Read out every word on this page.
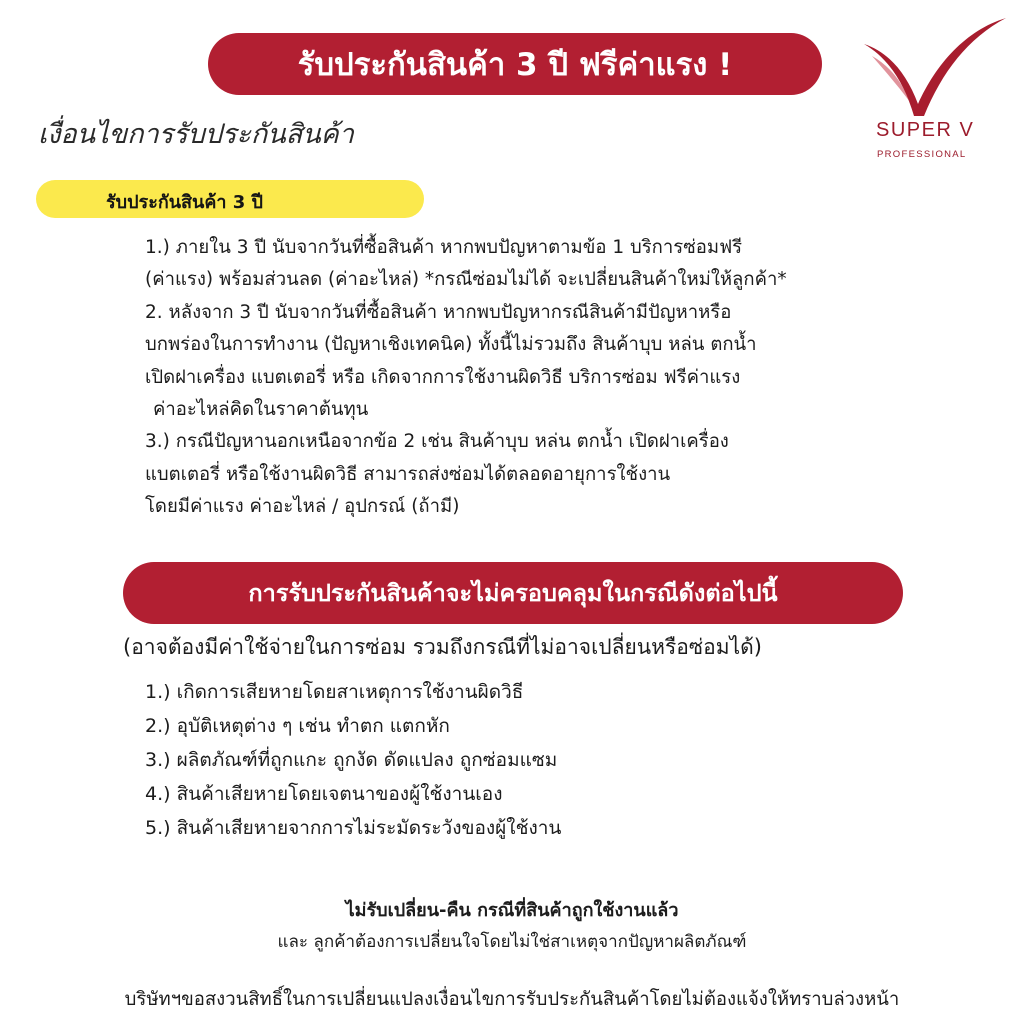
รับประกันสินค้า 3 ปี ฟรีค่าแรง !
เงื่อนไขการรับประกันสินค้า	SUPER V
PROFESSIONAL
รับประกันสินค้า 3 ปี
1.) ภายใน 3 ปี นับจากวันที่ซื้อสินค้า หากพบปัญหาตามข้อ 1 บริการซ่อมฟรี
(ค่าแรง) พร้อมส่วนลด (ค่าอะไหล่) *กรณีซ่อมไม่ได้ จะเปลี่ยนสินค้าใหม่ให้ลูกค้า*
2. หลังจาก 3 ปี นับจากวันที่ซื้อสินค้า หากพบปัญหากรณีสินค้ามีปัญหาหรือ
บกพร่องในการทำงาน (ปัญหาเชิงเทคนิค) ทั้งนี้ไม่รวมถึง สินค้าบุบ หล่น ตกน้ำ
เปิดฝาเครื่อง แบตเตอรี่ หรือ เกิดจากการใช้งานผิดวิธี บริการซ่อม ฟรีค่าแรง
ค่าอะไหล่คิดในราคาต้นทุน
3.) กรณีปัญหานอกเหนือจากข้อ 2 เช่น สินค้าบุบ หล่น ตกน้ำ เปิดฝาเครื่อง
แบตเตอรี่ หรือใช้งานผิดวิธี สามารถส่งซ่อมได้ตลอดอายุการใช้งาน
โดยมีค่าแรง ค่าอะไหล่ / อุปกรณ์ (ถ้ามี)
การรับประกันสินค้าจะไม่ครอบคลุมในกรณีดังต่อไปนี้
(อาจต้องมีค่าใช้จ่ายในการซ่อม รวมถึงกรณีที่ไม่อาจเปลี่ยนหรือซ่อมได้)
1.) เกิดการเสียหายโดยสาเหตุการใช้งานผิดวิธี
2.) อุบัติเหตุต่าง ๆ เช่น ทำตก แตกหัก
3.) ผลิตภัณฑ์ที่ถูกแกะ ถูกงัด ดัดแปลง ถูกซ่อมแซม
4.) สินค้าเสียหายโดยเจตนาของผู้ใช้งานเอง
5.) สินค้าเสียหายจากการไม่ระมัดระวังของผู้ใช้งาน
ไม่รับเปลี่ยน-คืน กรณีที่สินค้าถูกใช้งานแล้ว
และ ลูกค้าต้องการเปลี่ยนใจโดยไม่ใช่สาเหตุจากปัญหาผลิตภัณฑ์
บริษัทฯขอสงวนสิทธิ์ในการเปลี่ยนแปลงเงื่อนไขการรับประกันสินค้าโดยไม่ต้องแจ้งให้ทราบล่วงหน้า
